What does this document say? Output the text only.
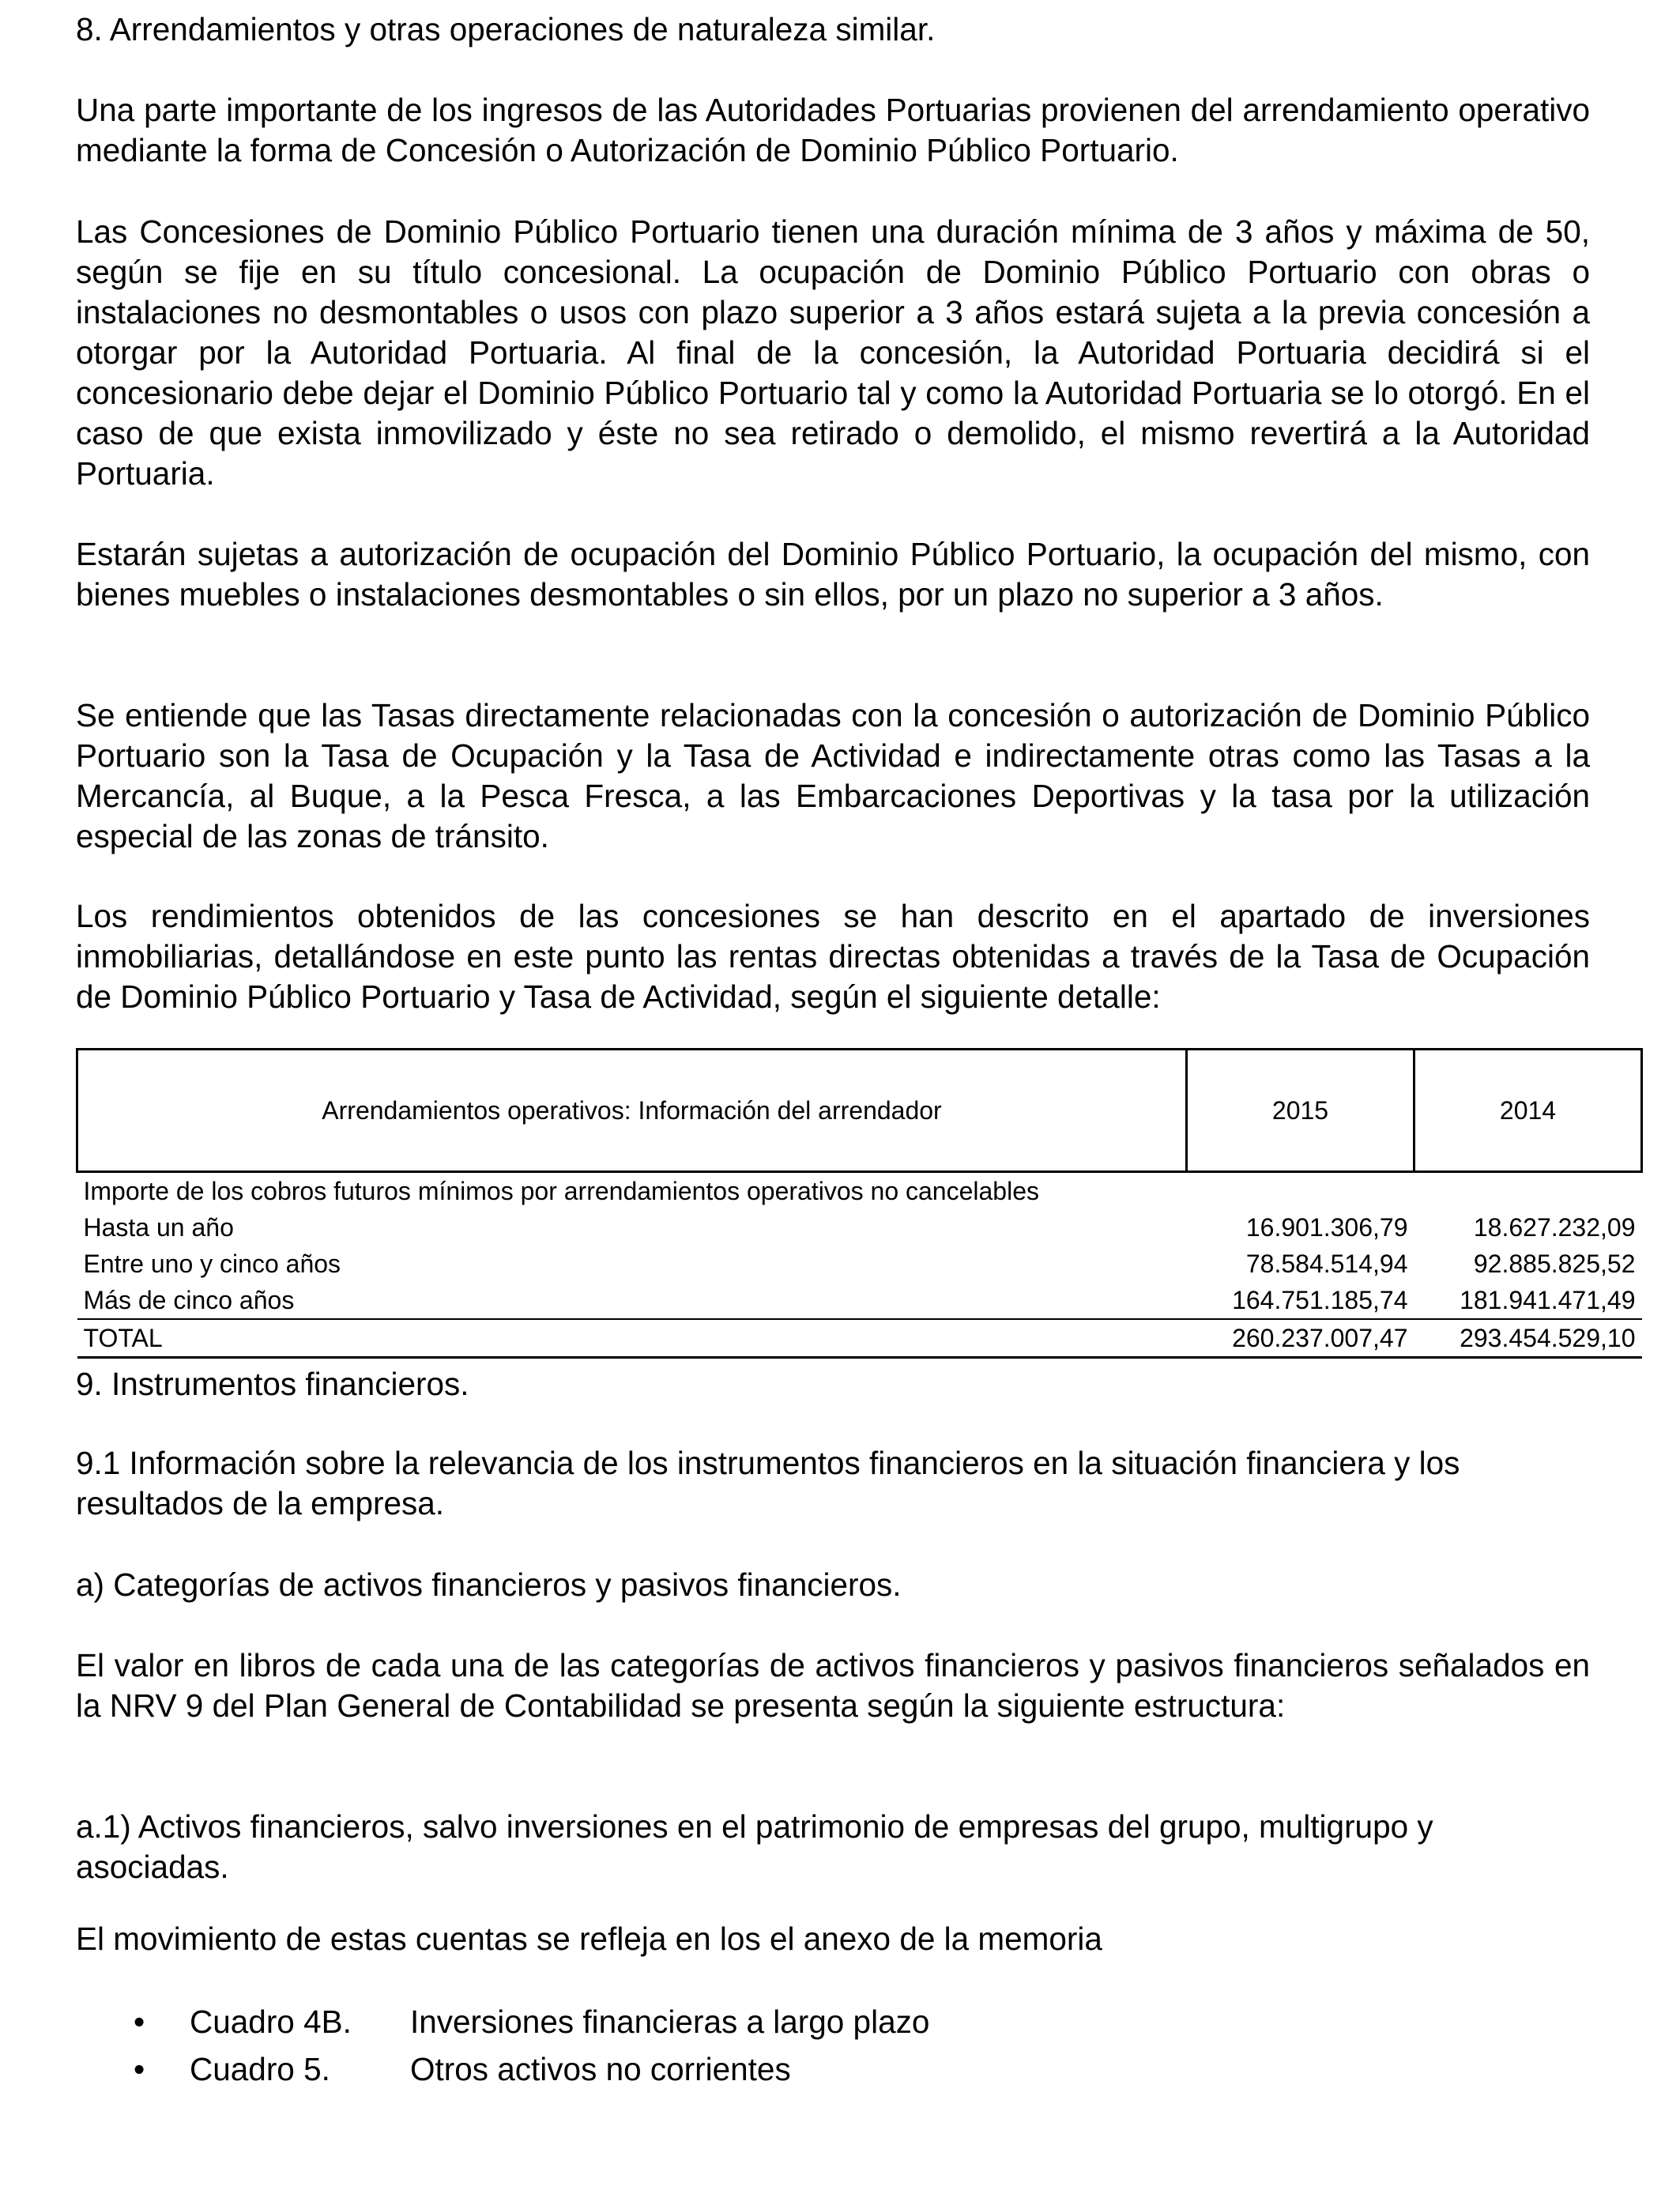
8. Arrendamientos y otras operaciones de naturaleza similar.

Una parte importante de los ingresos de las Autoridades Portuarias provienen del arrendamiento operativo mediante la forma de Concesión o Autorización de Dominio Público Portuario.

Las Concesiones de Dominio Público Portuario tienen una duración mínima de 3 años y máxima de 50, según se fije en su título concesional. La ocupación de Dominio Público Portuario con obras o instalaciones no desmontables o usos con plazo superior a 3 años estará sujeta a la previa concesión a otorgar por la Autoridad Portuaria. Al final de la concesión, la Autoridad Portuaria decidirá si el concesionario debe dejar el Dominio Público Portuario tal y como la Autoridad Portuaria se lo otorgó. En el caso de que exista inmovilizado y éste no sea retirado o demolido, el mismo revertirá a la Autoridad Portuaria.

Estarán sujetas a autorización de ocupación del Dominio Público Portuario, la ocupación del mismo, con bienes muebles o instalaciones desmontables o sin ellos, por un plazo no superior a 3 años.

Se entiende que las Tasas directamente relacionadas con la concesión o autorización de Dominio Público Portuario son la Tasa de Ocupación y la Tasa de Actividad e indirectamente otras como las Tasas a la Mercancía, al Buque, a la Pesca Fresca, a las Embarcaciones Deportivas y la tasa por la utilización especial de las zonas de tránsito.

Los rendimientos obtenidos de las concesiones se han descrito en el apartado de inversiones inmobiliarias, detallándose en este punto las rentas directas obtenidas a través de la Tasa de Ocupación de Dominio Público Portuario y Tasa de Actividad, según el siguiente detalle:

Arrendamientos operativos: Información del arrendador	2015	2014
Importe de los cobros futuros mínimos por arrendamientos operativos no cancelables		
Hasta un año	16.901.306,79	18.627.232,09
Entre uno y cinco años	78.584.514,94	92.885.825,52
Más de cinco años	164.751.185,74	181.941.471,49
TOTAL	260.237.007,47	293.454.529,10

9. Instrumentos financieros.

9.1 Información sobre la relevancia de los instrumentos financieros en la situación financiera y los resultados de la empresa.

a) Categorías de activos financieros y pasivos financieros.

El valor en libros de cada una de las categorías de activos financieros y pasivos financieros señalados en la NRV 9 del Plan General de Contabilidad se presenta según la siguiente estructura:

a.1) Activos financieros, salvo inversiones en el patrimonio de empresas del grupo, multigrupo y asociadas.

El movimiento de estas cuentas se refleja en los el anexo de la memoria

• Cuadro 4B. Inversiones financieras a largo plazo
• Cuadro 5. Otros activos no corrientes
